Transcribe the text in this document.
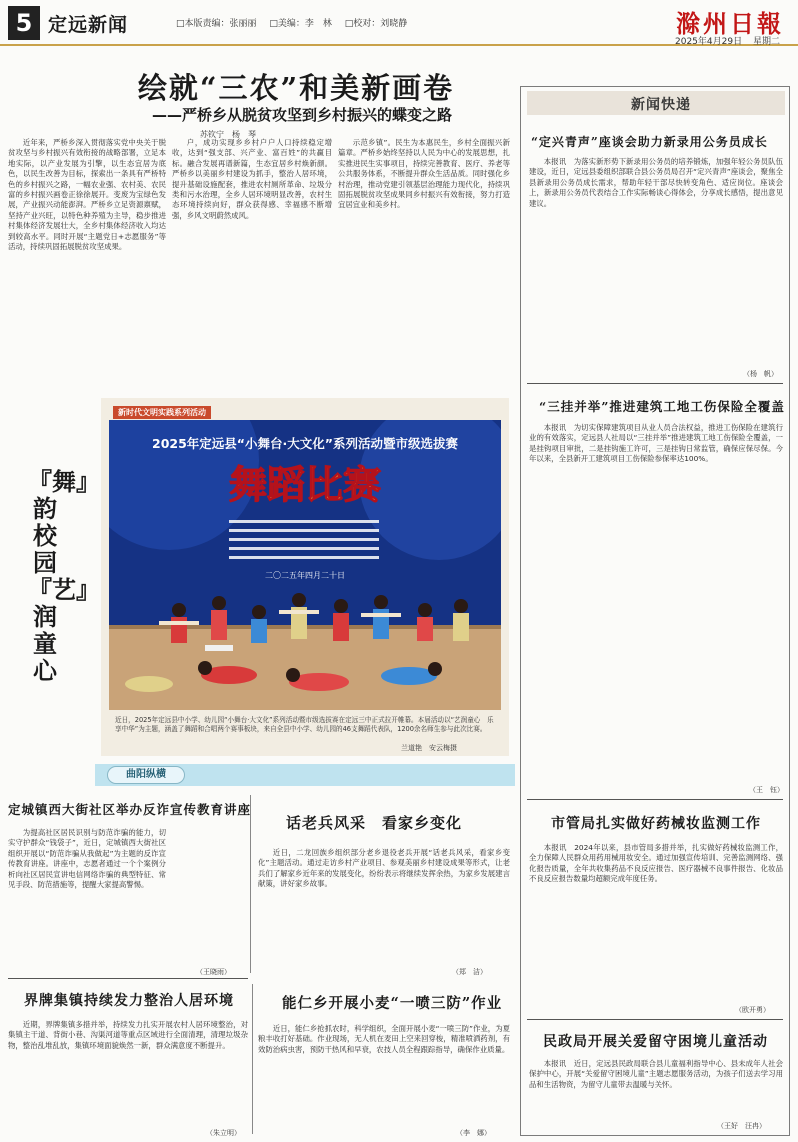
5 定远新闻	□本版责编：张丽丽 □美编：李　林 □校对：刘晓静	滁州日報
2025年4月29日 星期二
绘就“三农”和美新画卷
——严桥乡从脱贫攻坚到乡村振兴的蝶变之路
苏钦宁　杨　琴

近年来，严桥乡深入贯彻落实党中央关于脱贫攻坚与乡村振兴有效衔接的战略部署，立足本地实际，以产业发展为引擎，以生态宜居为底色，以民生改善为目标，探索出一条具有严桥特色的乡村振兴之路，一幅农业强、农村美、农民富的乡村振兴画卷正徐徐展开。变废为宝绿色发展，产业振兴动能澎湃。严桥乡立足资源禀赋，坚持产业兴旺，以特色种养殖为主导，稳步推进村集体经济发展壮大，全乡村集体经济收入均达到较高水平。同时开展“主题党日+志愿服务”等活动，持续巩固拓展脱贫攻坚成果。

户，成功实现乡乡村户户人口持续稳定增收，达到“强支部、兴产业、富百姓”的共赢目标。融合发展再谱新篇，生态宜居乡村焕新颜。严桥乡以美丽乡村建设为抓手，整治人居环境，提升基础设施配套，推进农村厕所革命、垃圾分类和污水治理，全乡人居环境明显改善，农村生态环境持续向好，群众获得感、幸福感不断增强，乡风文明蔚然成风。

示范乡镇”。民生为本惠民生，乡村全面振兴新篇章。严桥乡始终坚持以人民为中心的发展思想，扎实推进民生实事项目，持续完善教育、医疗、养老等公共服务体系，不断提升群众生活品质。同时强化乡村治理，推动党建引领基层治理能力现代化，持续巩固拓展脱贫攻坚成果同乡村振兴有效衔接，努力打造宜居宜业和美乡村。

『舞』韵校园　『艺』润童心
新时代文明实践系列活动
2025年定远县“小舞台·大文化”系列活动暨市级选拔赛
舞蹈比赛
二〇二五年四月二十日
近日，2025年定远县中小学、幼儿园“小舞台·大文化”系列活动暨市级选拔赛在定远三中正式拉开帷幕。本届活动以“艺润童心　乐享中华”为主题，涵盖了舞蹈和合唱两个赛事板块，来自全县中小学、幼儿园的46支舞蹈代表队，1200余名师生参与此次比赛。
兰道艳　安云梅摄
曲阳纵横
定城镇西大街社区举办反诈宣传教育讲座

为提高社区居民识别与防范诈骗的能力，切实守护群众“钱袋子”，近日，定城镇西大街社区组织开展以“防范诈骗从我做起”为主题的反诈宣传教育讲座。讲座中，志愿者通过一个个案例分析向社区居民宣讲电信网络诈骗的典型特征、常见手段、防范措施等，提醒大家提高警惕。

（王晓雨）
话老兵风采　看家乡变化

近日，二龙回族乡组织部分老乡退役老兵开展“话老兵风采，看家乡变化”主题活动。通过走访乡村产业项目、参观美丽乡村建设成果等形式，让老兵们了解家乡近年来的发展变化，纷纷表示将继续发挥余热，为家乡发展建言献策，讲好家乡故事。

（郑　洁）
界牌集镇持续发力整治人居环境

近期，界牌集镇多措并举，持续发力扎实开展农村人居环境整治，对集镇主干道、背街小巷、沟渠河道等重点区域进行全面清理，清理垃圾杂物，整治乱堆乱放，集镇环境面貌焕然一新，群众满意度不断提升。

（朱立明）
能仁乡开展小麦“一喷三防”作业

近日，能仁乡抢抓农时，科学组织，全面开展小麦“一喷三防”作业，为夏粮丰收打好基础。作业现场，无人机在麦田上空来回穿梭，精准喷洒药剂，有效防治病虫害，预防干热风和早衰，农技人员全程跟踪指导，确保作业质量。

（李　娜）
新闻快递
“定兴青声”座谈会助力新录用公务员成长

本报讯　为落实新形势下新录用公务员的培养锻炼，加强年轻公务员队伍建设，近日，定远县委组织部联合县公务员局召开“定兴青声”座谈会，聚焦全县新录用公务员成长需求，帮助年轻干部尽快转变角色、适应岗位。座谈会上，新录用公务员代表结合工作实际畅谈心得体会，分享成长感悟，提出意见建议。

（杨　帆）
“三挂并举”推进建筑工地工伤保险全覆盖

本报讯　为切实保障建筑项目从业人员合法权益，推进工伤保险在建筑行业的有效落实，定远县人社局以“三挂并举”推进建筑工地工伤保险全覆盖，一是挂钩项目审批，二是挂钩施工许可，三是挂钩日常监管，确保应保尽保。今年以来，全县新开工建筑项目工伤保险参保率达100%。

（王　钰）
市管局扎实做好药械妆监测工作

本报讯　2024年以来，县市管局多措并举，扎实做好药械妆监测工作，全力保障人民群众用药用械用妆安全。通过加强宣传培训、完善监测网络、强化报告质量，全年共收集药品不良反应报告、医疗器械不良事件报告、化妆品不良反应报告数量均超额完成年度任务。

（欧开勇）
民政局开展关爱留守困境儿童活动

本报讯　近日，定远县民政局联合县儿童福利指导中心、县未成年人社会保护中心，开展“关爱留守困境儿童”主题志愿服务活动，为孩子们送去学习用品和生活物资，为留守儿童带去温暖与关怀。

（王好　汪冉）
